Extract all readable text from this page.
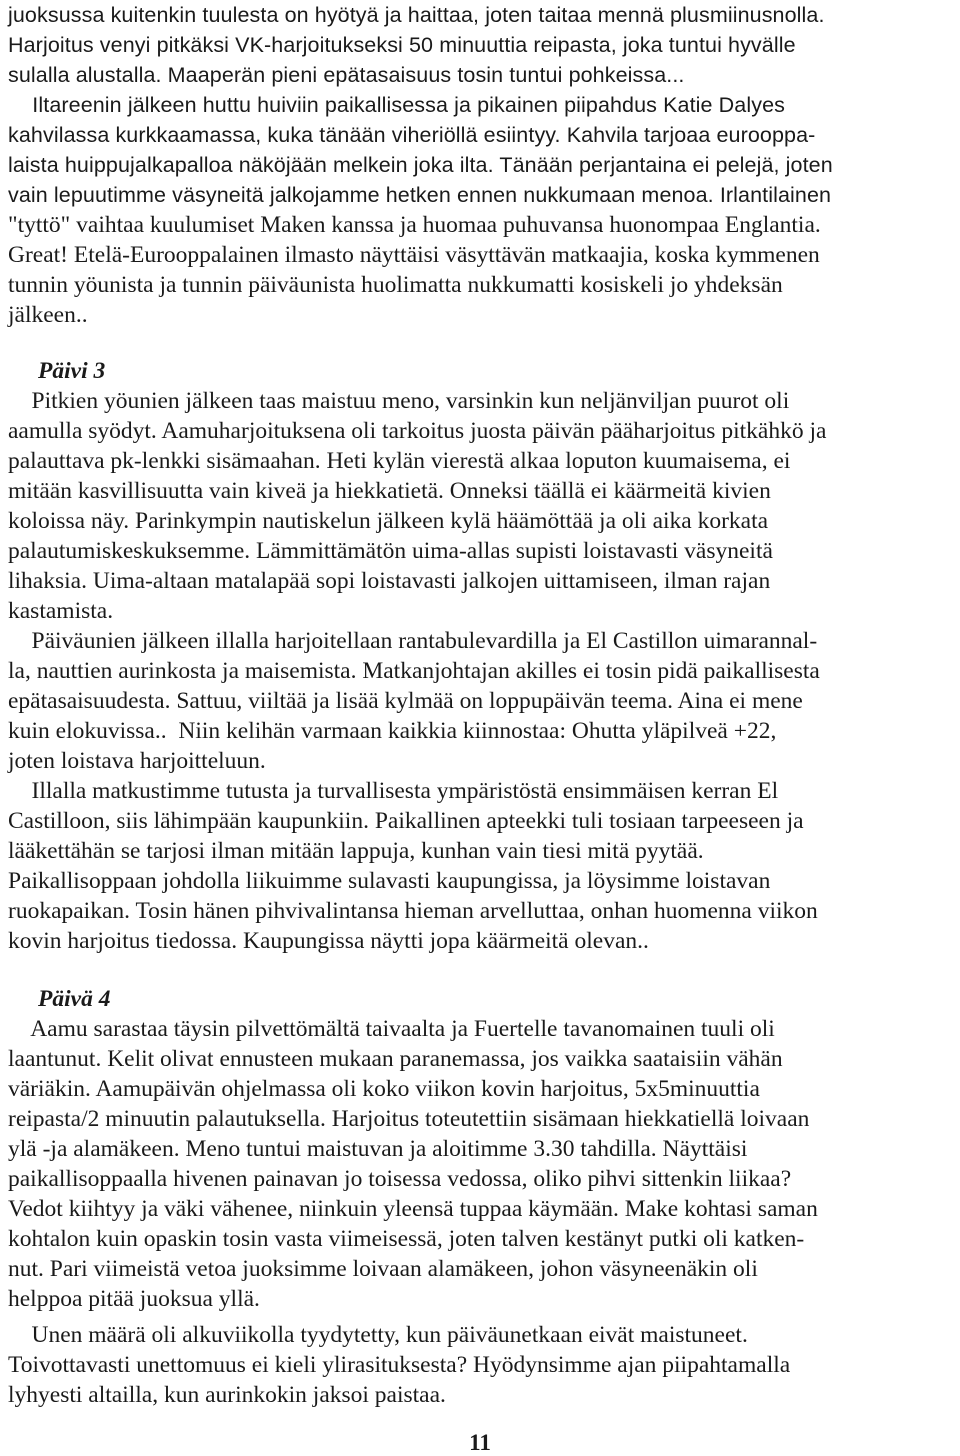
juoksussa kuitenkin tuulesta on hyötyä ja haittaa, joten taitaa mennä plusmiinusnolla.
Harjoitus venyi pitkäksi VK-harjoitukseksi 50 minuuttia reipasta, joka tuntui hyvälle
sulalla alustalla. Maaperän pieni epätasaisuus tosin tuntui pohkeissa...
Iltareenin jälkeen huttu huiviin paikallisessa ja pikainen piipahdus Katie Dalyes
kahvilassa kurkkaamassa, kuka tänään viheriöllä esiintyy. Kahvila tarjoaa eurooppa-
laista huippujalkapalloa näköjään melkein joka ilta. Tänään perjantaina ei pelejä, joten
vain lepuutimme väsyneitä jalkojamme hetken ennen nukkumaan menoa. Irlantilainen
"tyttö" vaihtaa kuulumiset Maken kanssa ja huomaa puhuvansa huonompaa Englantia.
Great! Etelä-Eurooppalainen ilmasto näyttäisi väsyttävän matkaajia, koska kymmenen
tunnin yöunista ja tunnin päiväunista huolimatta nukkumatti kosiskeli jo yhdeksän
jälkeen..
Päivi 3
Pitkien yöunien jälkeen taas maistuu meno, varsinkin kun neljänviljan puurot oli
aamulla syödyt. Aamuharjoituksena oli tarkoitus juosta päivän pääharjoitus pitkähkö ja
palauttava pk-lenkki sisämaahan. Heti kylän vierestä alkaa loputon kuumaisema, ei
mitään kasvillisuutta vain kiveä ja hiekkatietä. Onneksi täällä ei käärmeitä kivien
koloissa näy. Parinkympin nautiskelun jälkeen kylä häämöttää ja oli aika korkata
palautumiskeskuksemme. Lämmittämätön uima-allas supisti loistavasti väsyneitä
lihaksia. Uima-altaan matalapää sopi loistavasti jalkojen uittamiseen, ilman rajan
kastamista.
Päiväunien jälkeen illalla harjoitellaan rantabulevardilla ja El Castillon uimarannal-
la, nauttien aurinkosta ja maisemista. Matkanjohtajan akilles ei tosin pidä paikallisesta
epätasaisuudesta. Sattuu, viiltää ja lisää kylmää on loppupäivän teema. Aina ei mene
kuin elokuvissa..  Niin kelihän varmaan kaikkia kiinnostaa: Ohutta yläpilveä +22,
joten loistava harjoitteluun.
Illalla matkustimme tutusta ja turvallisesta ympäristöstä ensimmäisen kerran El
Castilloon, siis lähimpään kaupunkiin. Paikallinen apteekki tuli tosiaan tarpeeseen ja
lääkettähän se tarjosi ilman mitään lappuja, kunhan vain tiesi mitä pyytää.
Paikallisoppaan johdolla liikuimme sulavasti kaupungissa, ja löysimme loistavan
ruokapaikan. Tosin hänen pihvivalintansa hieman arvelluttaa, onhan huomenna viikon
kovin harjoitus tiedossa. Kaupungissa näytti jopa käärmeitä olevan..
Päivä 4
Aamu sarastaa täysin pilvettömältä taivaalta ja Fuertelle tavanomainen tuuli oli
laantunut. Kelit olivat ennusteen mukaan paranemassa, jos vaikka saataisiin vähän
väriäkin. Aamupäivän ohjelmassa oli koko viikon kovin harjoitus, 5x5minuuttia
reipasta/2 minuutin palautuksella. Harjoitus toteutettiin sisämaan hiekkatiellä loivaan
ylä -ja alamäkeen. Meno tuntui maistuvan ja aloitimme 3.30 tahdilla. Näyttäisi
paikallisoppaalla hivenen painavan jo toisessa vedossa, oliko pihvi sittenkin liikaa?
Vedot kiihtyy ja väki vähenee, niinkuin yleensä tuppaa käymään. Make kohtasi saman
kohtalon kuin opaskin tosin vasta viimeisessä, joten talven kestänyt putki oli katken-
nut. Pari viimeistä vetoa juoksimme loivaan alamäkeen, johon väsyneenäkin oli
helppoa pitää juoksua yllä.
Unen määrä oli alkuviikolla tyydytetty, kun päiväunetkaan eivät maistuneet.
Toivottavasti unettomuus ei kieli ylirasituksesta? Hyödynsimme ajan piipahtamalla
lyhyesti altailla, kun aurinkokin jaksoi paistaa.
11
